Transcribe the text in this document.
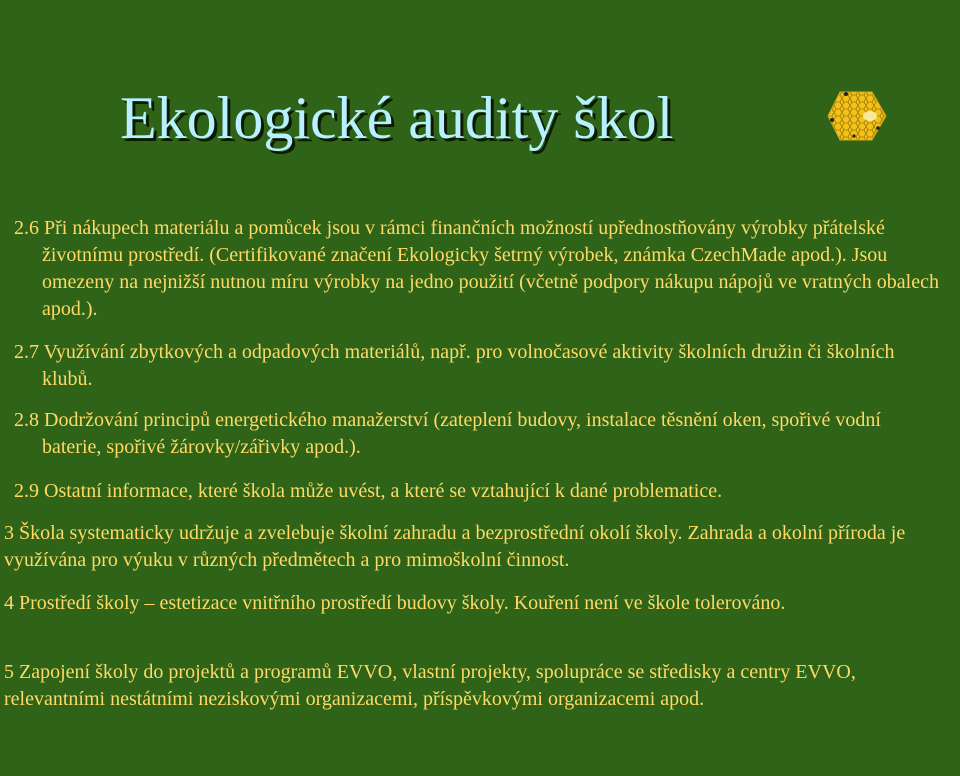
Ekologické audity škol

2.6 Při nákupech materiálu a pomůcek jsou v rámci finančních možností upřednostňovány výrobky přátelské životnímu prostředí. (Certifikované značení Ekologicky šetrný výrobek, známka CzechMade apod.). Jsou omezeny na nejnižší nutnou míru výrobky na jedno použití (včetně podpory nákupu nápojů ve vratných obalech apod.).

2.7 Využívání zbytkových a odpadových materiálů, např. pro volnočasové aktivity školních družin či školních klubů.

2.8 Dodržování principů energetického manažerství (zateplení budovy, instalace těsnění oken, spořivé vodní baterie, spořivé žárovky/zářivky apod.).

2.9 Ostatní informace, které škola může uvést, a které se vztahující k dané problematice.

3 Škola systematicky udržuje a zvelebuje školní zahradu a bezprostřední okolí školy. Zahrada a okolní příroda je využívána pro výuku v různých předmětech a pro mimoškolní činnost.

4 Prostředí školy – estetizace vnitřního prostředí budovy školy. Kouření není ve škole tolerováno.

5 Zapojení školy do projektů a programů EVVO, vlastní projekty, spolupráce se středisky a centry EVVO, relevantními nestátními neziskovými organizacemi, příspěvkovými organizacemi apod.
